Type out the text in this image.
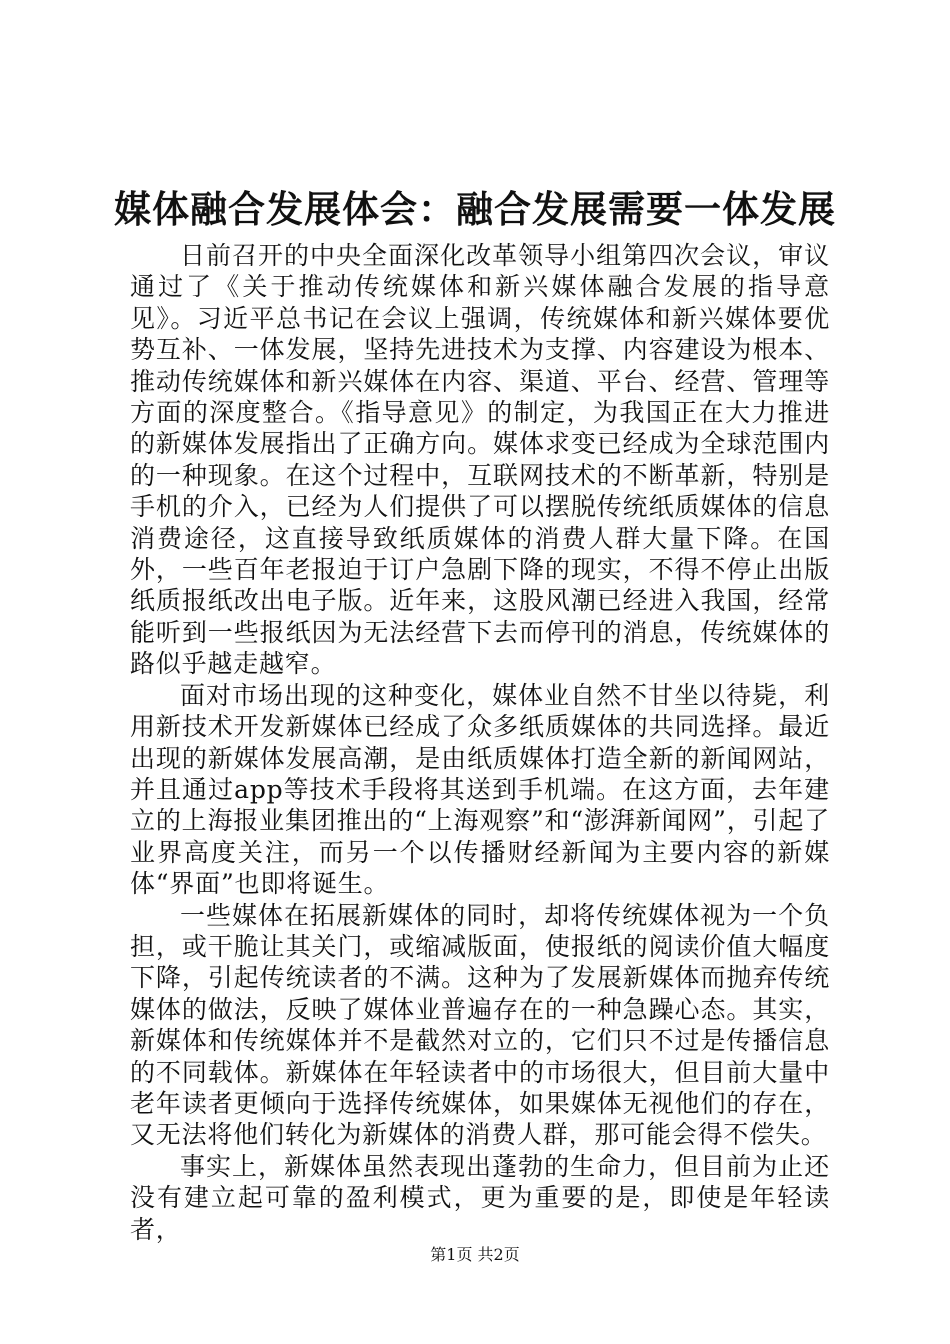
媒体融合发展体会：融合发展需要一体发展

日前召开的中央全面深化改革领导小组第四次会议，审议通过了《关于推动传统媒体和新兴媒体融合发展的指导意见》。习近平总书记在会议上强调，传统媒体和新兴媒体要优势互补、一体发展，坚持先进技术为支撑、内容建设为根本、推动传统媒体和新兴媒体在内容、渠道、平台、经营、管理等方面的深度整合。《指导意见》的制定，为我国正在大力推进的新媒体发展指出了正确方向。媒体求变已经成为全球范围内的一种现象。在这个过程中，互联网技术的不断革新，特别是手机的介入，已经为人们提供了可以摆脱传统纸质媒体的信息消费途径，这直接导致纸质媒体的消费人群大量下降。在国外，一些百年老报迫于订户急剧下降的现实，不得不停止出版纸质报纸改出电子版。近年来，这股风潮已经进入我国，经常能听到一些报纸因为无法经营下去而停刊的消息，传统媒体的路似乎越走越窄。

面对市场出现的这种变化，媒体业自然不甘坐以待毙，利用新技术开发新媒体已经成了众多纸质媒体的共同选择。最近出现的新媒体发展高潮，是由纸质媒体打造全新的新闻网站，并且通过app等技术手段将其送到手机端。在这方面，去年建立的上海报业集团推出的“上海观察”和“澎湃新闻网”，引起了业界高度关注，而另一个以传播财经新闻为主要内容的新媒体“界面”也即将诞生。

一些媒体在拓展新媒体的同时，却将传统媒体视为一个负担，或干脆让其关门，或缩减版面，使报纸的阅读价值大幅度下降，引起传统读者的不满。这种为了发展新媒体而抛弃传统媒体的做法，反映了媒体业普遍存在的一种急躁心态。其实，新媒体和传统媒体并不是截然对立的，它们只不过是传播信息的不同载体。新媒体在年轻读者中的市场很大，但目前大量中老年读者更倾向于选择传统媒体，如果媒体无视他们的存在，又无法将他们转化为新媒体的消费人群，那可能会得不偿失。

事实上，新媒体虽然表现出蓬勃的生命力，但目前为止还没有建立起可靠的盈利模式，更为重要的是，即使是年轻读者，

第1页 共2页
